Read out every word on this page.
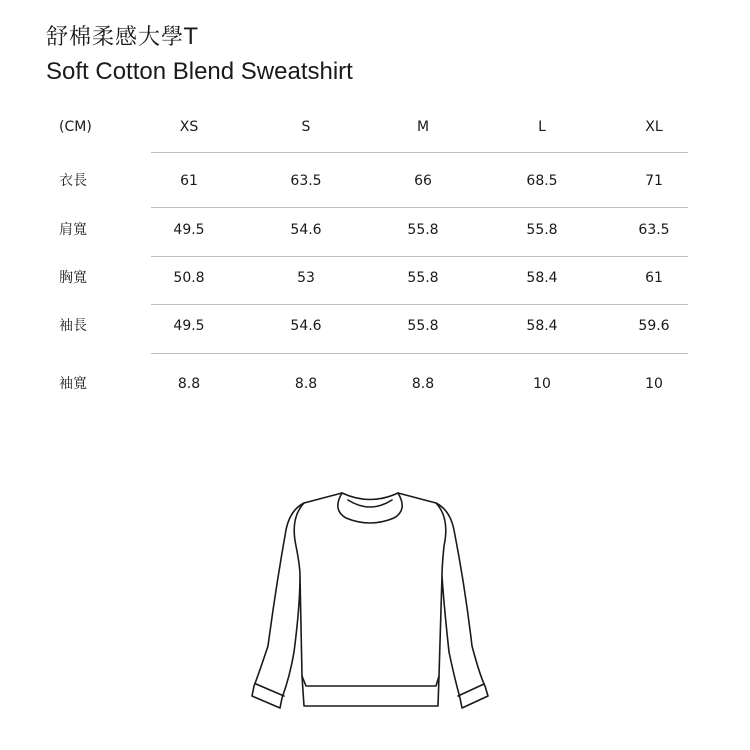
舒棉柔感大學T
Soft Cotton Blend Sweatshirt
(CM)	XS	S	M	L	XL
衣長	61	63.5	66	68.5	71
肩寬	49.5	54.6	55.8	55.8	63.5
胸寬	50.8	53	55.8	58.4	61
袖長	49.5	54.6	55.8	58.4	59.6
袖寬	8.8	8.8	8.8	10	10
